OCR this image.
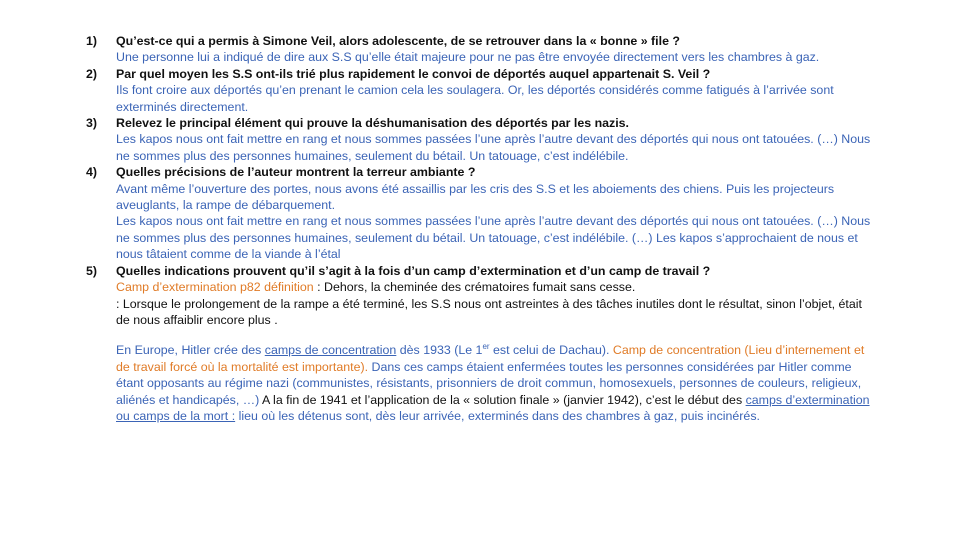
1)	Qu’est-ce qui a permis à Simone Veil, alors adolescente, de se retrouver dans la « bonne » file ?
Une personne lui a indiqué de dire aux S.S qu’elle était majeure pour ne pas être envoyée directement vers les chambres à gaz.
2)	Par quel moyen les S.S ont-ils trié plus rapidement le convoi de déportés auquel appartenait S. Veil ?
Ils font croire aux déportés qu’en prenant le camion cela les soulagera. Or, les déportés considérés comme fatigués à l’arrivée sont exterminés directement.
3)	Relevez le principal élément qui prouve la déshumanisation des déportés par les nazis.
Les kapos nous ont fait mettre en rang et nous sommes passées l’une après l’autre devant des déportés qui nous ont tatouées. (…) Nous ne sommes plus des personnes humaines, seulement du bétail. Un tatouage, c’est indélébile.
4)	Quelles précisions de l’auteur montrent la terreur ambiante ?
Avant même l’ouverture des portes, nous avons été assaillis par les cris des S.S et les aboiements des chiens. Puis les projecteurs aveuglants, la rampe de débarquement.
Les kapos nous ont fait mettre en rang et nous sommes passées l’une après l’autre devant des déportés qui nous ont tatouées. (…) Nous ne sommes plus des personnes humaines, seulement du bétail. Un tatouage, c’est indélébile. (…) Les kapos s’approchaient de nous et nous tâtaient comme de la viande à l’étal
5)	Quelles indications prouvent qu’il s’agit à la fois d’un camp d’extermination et d’un camp de travail ?
Camp d’extermination p82 définition : Dehors, la cheminée des crématoires fumait sans cesse.
: Lorsque le prolongement de la rampe a été terminé, les S.S nous ont astreintes à des tâches inutiles dont le résultat, sinon l’objet, était de nous affaiblir encore plus .
En Europe, Hitler crée des camps de concentration dès 1933 (Le 1er est celui de Dachau). Camp de concentration (Lieu d’internement et de travail forcé où la mortalité est importante). Dans ces camps étaient enfermées toutes les personnes considérées par Hitler comme étant opposants au régime nazi (communistes, résistants, prisonniers de droit commun, homosexuels, personnes de couleurs, religieux, aliénés et handicapés, …) A la fin de 1941 et l’application de la « solution finale » (janvier 1942), c’est le début des camps d’extermination ou camps de la mort : lieu où les détenus sont, dès leur arrivée, exterminés dans des chambres à gaz, puis incinérés.
